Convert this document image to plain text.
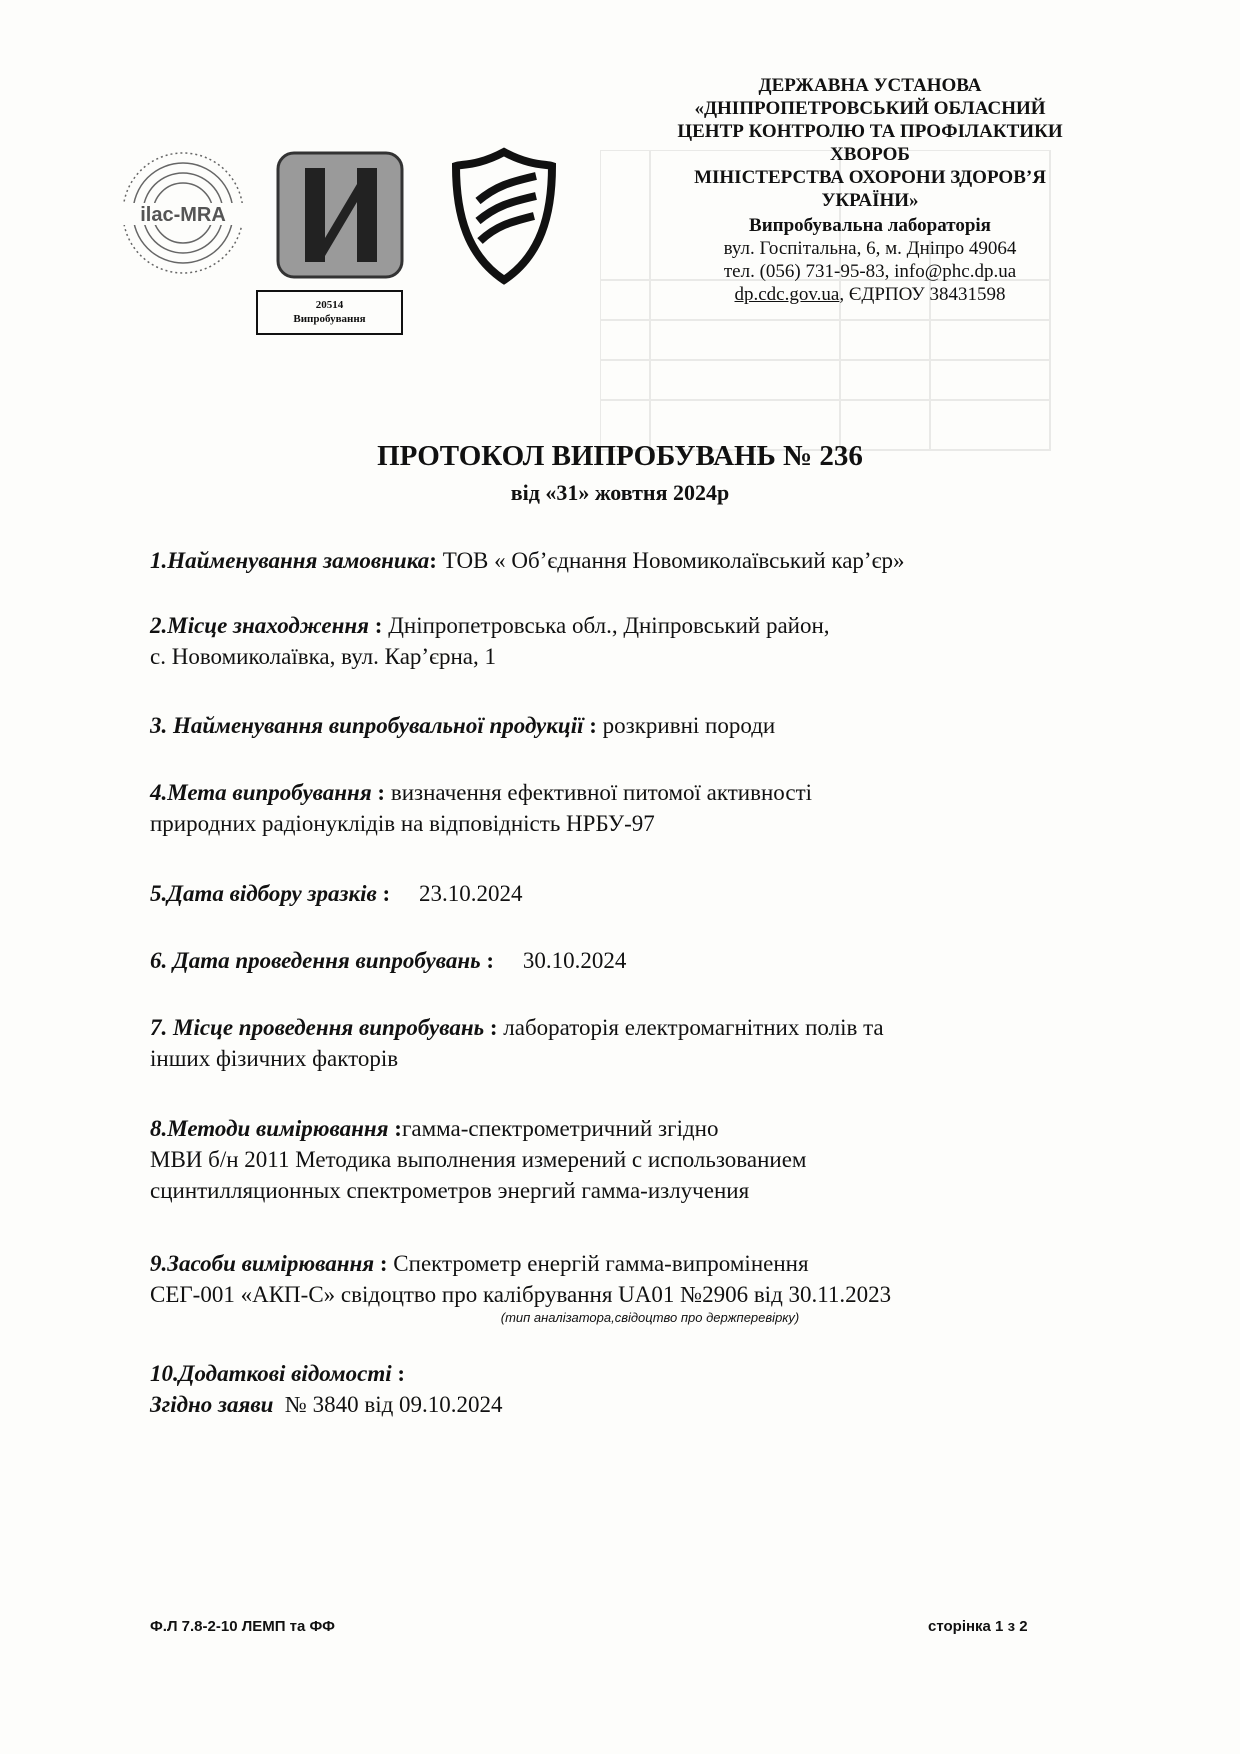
ilac-MRA
20514
Випробування
ДЕРЖАВНА УСТАНОВА
«ДНІПРОПЕТРОВСЬКИЙ ОБЛАСНИЙ
ЦЕНТР КОНТРОЛЮ ТА ПРОФІЛАКТИКИ
ХВОРОБ
МІНІСТЕРСТВА ОХОРОНИ ЗДОРОВ’Я
УКРАЇНИ»
Випробувальна лабораторія
вул. Госпітальна, 6, м. Дніпро 49064
тел. (056) 731-95-83, info@phc.dp.ua
dp.cdc.gov.ua, ЄДРПОУ 38431598
ПРОТОКОЛ ВИПРОБУВАНЬ № 236
від «31» жовтня 2024р
1.Найменування замовника: ТОВ « Об’єднання Новомиколаївський кар’єр»
2.Місце знаходження : Дніпропетровська обл., Дніпровський район,
с. Новомиколаївка, вул. Кар’єрна, 1
3. Найменування випробувальної продукції : розкривні породи
4.Мета випробування : визначення ефективної питомої активності
природних радіонуклідів на відповідність НРБУ-97
5.Дата відбору зразків :     23.10.2024
6. Дата проведення випробувань :     30.10.2024
7. Місце проведення випробувань : лабораторія електромагнітних полів та
інших фізичних факторів
8.Методи вимірювання :гамма-спектрометричний згідно
МВИ б/н 2011 Методика выполнения измерений с использованием
сцинтилляционных спектрометров энергий гамма-излучения
9.Засоби вимірювання : Спектрометр енергій гамма-випромінення
СЕГ-001 «АКП-С» свідоцтво про калібрування UA01 №2906 від 30.11.2023
(тип аналізатора,свідоцтво про держперевірку)
10.Додаткові відомості :
Згідно заяви  № 3840 від 09.10.2024
Ф.Л 7.8-2-10 ЛЕМП та ФФ	сторінка 1 з 2
